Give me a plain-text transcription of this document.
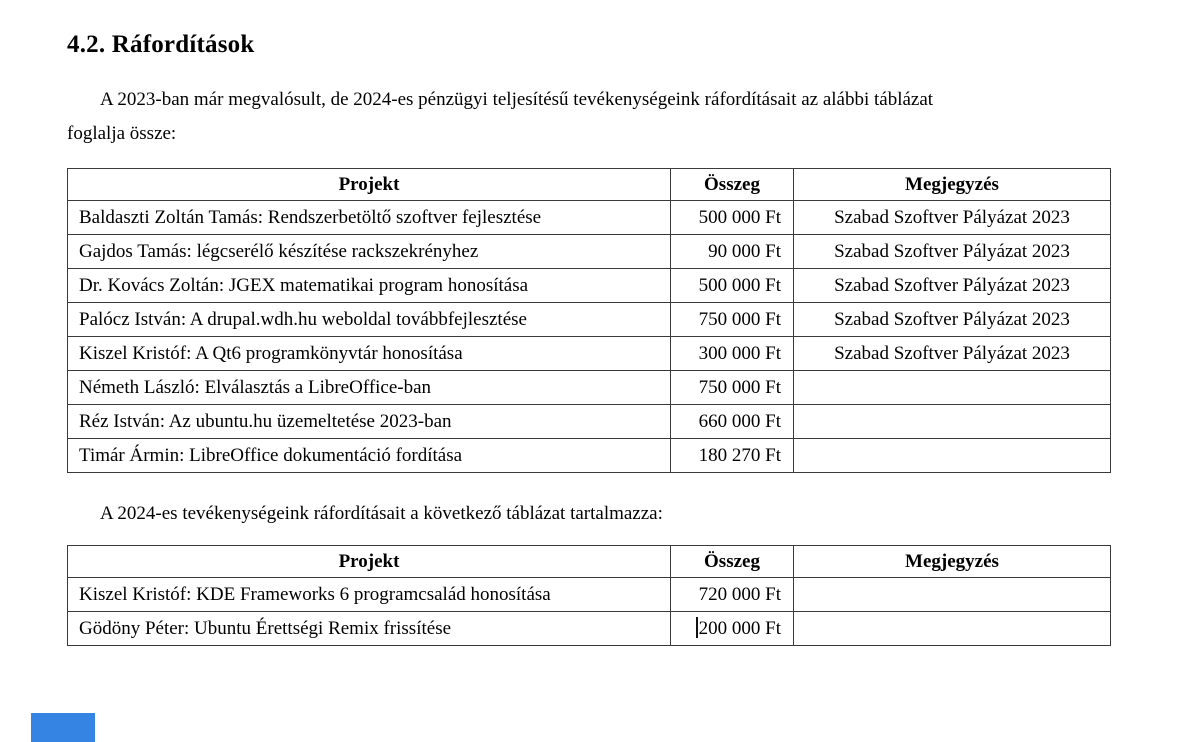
4.2. Ráfordítások

A 2023-ban már megvalósult, de 2024-es pénzügyi teljesítésű tevékenységeink ráfordításait az alábbi táblázat
foglalja össze:

Projekt	Összeg	Megjegyzés
Baldaszti Zoltán Tamás: Rendszerbetöltő szoftver fejlesztése	500 000 Ft	Szabad Szoftver Pályázat 2023
Gajdos Tamás: légcserélő készítése rackszekrényhez	90 000 Ft	Szabad Szoftver Pályázat 2023
Dr. Kovács Zoltán: JGEX matematikai program honosítása	500 000 Ft	Szabad Szoftver Pályázat 2023
Palócz István: A drupal.wdh.hu weboldal továbbfejlesztése	750 000 Ft	Szabad Szoftver Pályázat 2023
Kiszel Kristóf: A Qt6 programkönyvtár honosítása	300 000 Ft	Szabad Szoftver Pályázat 2023
Németh László: Elválasztás a LibreOffice-ban	750 000 Ft	
Réz István: Az ubuntu.hu üzemeltetése 2023-ban	660 000 Ft	
Timár Ármin: LibreOffice dokumentáció fordítása	180 270 Ft	

A 2024-es tevékenységeink ráfordításait a következő táblázat tartalmazza:

Projekt	Összeg	Megjegyzés
Kiszel Kristóf: KDE Frameworks 6 programcsalád honosítása	720 000 Ft	
Gödöny Péter: Ubuntu Érettségi Remix frissítése	200 000 Ft	
